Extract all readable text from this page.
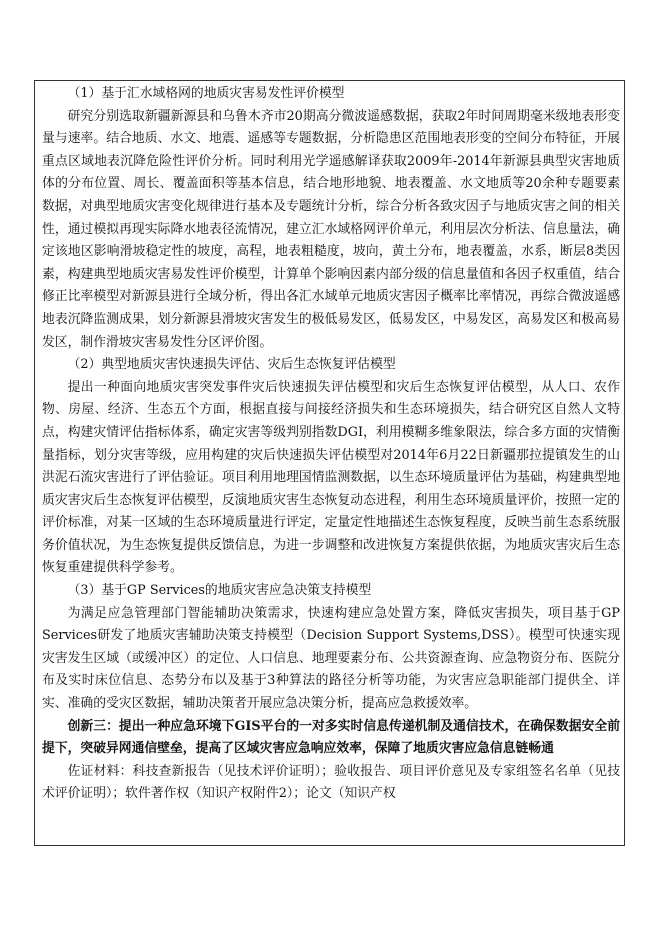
（1）基于汇水域格网的地质灾害易发性评价模型

研究分别选取新疆新源县和乌鲁木齐市20期高分微波遥感数据，获取2年时间周期毫米级地表形变量与速率。结合地质、水文、地震、遥感等专题数据，分析隐患区范围地表形变的空间分布特征，开展重点区域地表沉降危险性评价分析。同时利用光学遥感解译获取2009年-2014年新源县典型灾害地质体的分布位置、周长、覆盖面积等基本信息，结合地形地貌、地表覆盖、水文地质等20余种专题要素数据，对典型地质灾害变化规律进行基本及专题统计分析，综合分析各致灾因子与地质灾害之间的相关性，通过模拟再现实际降水地表径流情况，建立汇水域格网评价单元，利用层次分析法、信息量法，确定该地区影响滑坡稳定性的坡度，高程，地表粗糙度，坡向，黄土分布，地表覆盖，水系，断层8类因素，构建典型地质灾害易发性评价模型，计算单个影响因素内部分级的信息量值和各因子权重值，结合修正比率模型对新源县进行全域分析，得出各汇水域单元地质灾害因子概率比率情况，再综合微波遥感地表沉降监测成果，划分新源县滑坡灾害发生的极低易发区，低易发区，中易发区，高易发区和极高易发区，制作滑坡灾害易发性分区评价图。

（2）典型地质灾害快速损失评估、灾后生态恢复评估模型

提出一种面向地质灾害突发事件灾后快速损失评估模型和灾后生态恢复评估模型，从人口、农作物、房屋、经济、生态五个方面，根据直接与间接经济损失和生态环境损失，结合研究区自然人文特点，构建灾情评估指标体系，确定灾害等级判别指数DGI，利用模糊多维象限法，综合多方面的灾情衡量指标，划分灾害等级，应用构建的灾后快速损失评估模型对2014年6月22日新疆那拉提镇发生的山洪泥石流灾害进行了评估验证。项目利用地理国情监测数据，以生态环境质量评估为基础，构建典型地质灾害灾后生态恢复评估模型，反演地质灾害生态恢复动态进程，利用生态环境质量评价，按照一定的评价标准，对某一区域的生态环境质量进行评定，定量定性地描述生态恢复程度，反映当前生态系统服务价值状况，为生态恢复提供反馈信息，为进一步调整和改进恢复方案提供依据，为地质灾害灾后生态恢复重建提供科学参考。

（3）基于GP Services的地质灾害应急决策支持模型

为满足应急管理部门智能辅助决策需求，快速构建应急处置方案，降低灾害损失，项目基于GP Services研发了地质灾害辅助决策支持模型（Decision Support Systems,DSS）。模型可快速实现灾害发生区域（或缓冲区）的定位、人口信息、地理要素分布、公共资源查询、应急物资分布、医院分布及实时床位信息、态势分布以及基于3种算法的路径分析等功能，为灾害应急职能部门提供全、详实、准确的受灾区数据，辅助决策者开展应急决策分析，提高应急救援效率。

创新三：提出一种应急环境下GIS平台的一对多实时信息传递机制及通信技术，在确保数据安全前提下，突破异网通信壁垒，提高了区域灾害应急响应效率，保障了地质灾害应急信息链畅通

佐证材料：科技查新报告（见技术评价证明）；验收报告、项目评价意见及专家组签名名单（见技术评价证明）；软件著作权（知识产权附件2）；论文（知识产权
